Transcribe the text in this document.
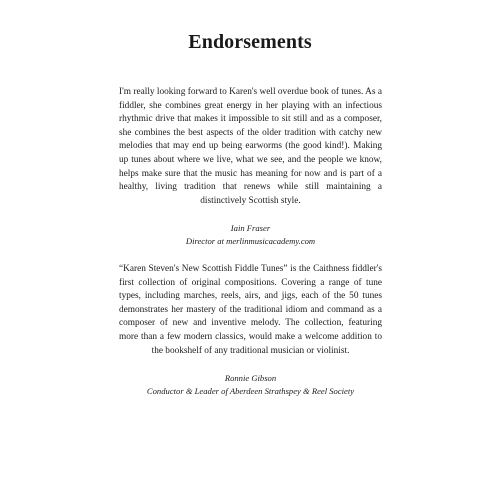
Endorsements

I'm really looking forward to Karen's well overdue book of tunes. As a fiddler, she combines great energy in her playing with an infectious rhythmic drive that makes it impossible to sit still and as a composer, she combines the best aspects of the older tradition with catchy new melodies that may end up being earworms (the good kind!). Making up tunes about where we live, what we see, and the people we know, helps make sure that the music has meaning for now and is part of a healthy, living tradition that renews while still maintaining a distinctively Scottish style.

Iain Fraser
Director at merlinmusicacademy.com

“Karen Steven's New Scottish Fiddle Tunes” is the Caithness fiddler's first collection of original compositions. Covering a range of tune types, including marches, reels, airs, and jigs, each of the 50 tunes demonstrates her mastery of the traditional idiom and command as a composer of new and inventive melody. The collection, featuring more than a few modern classics, would make a welcome addition to the bookshelf of any traditional musician or violinist.

Ronnie Gibson
Conductor & Leader of Aberdeen Strathspey & Reel Society
